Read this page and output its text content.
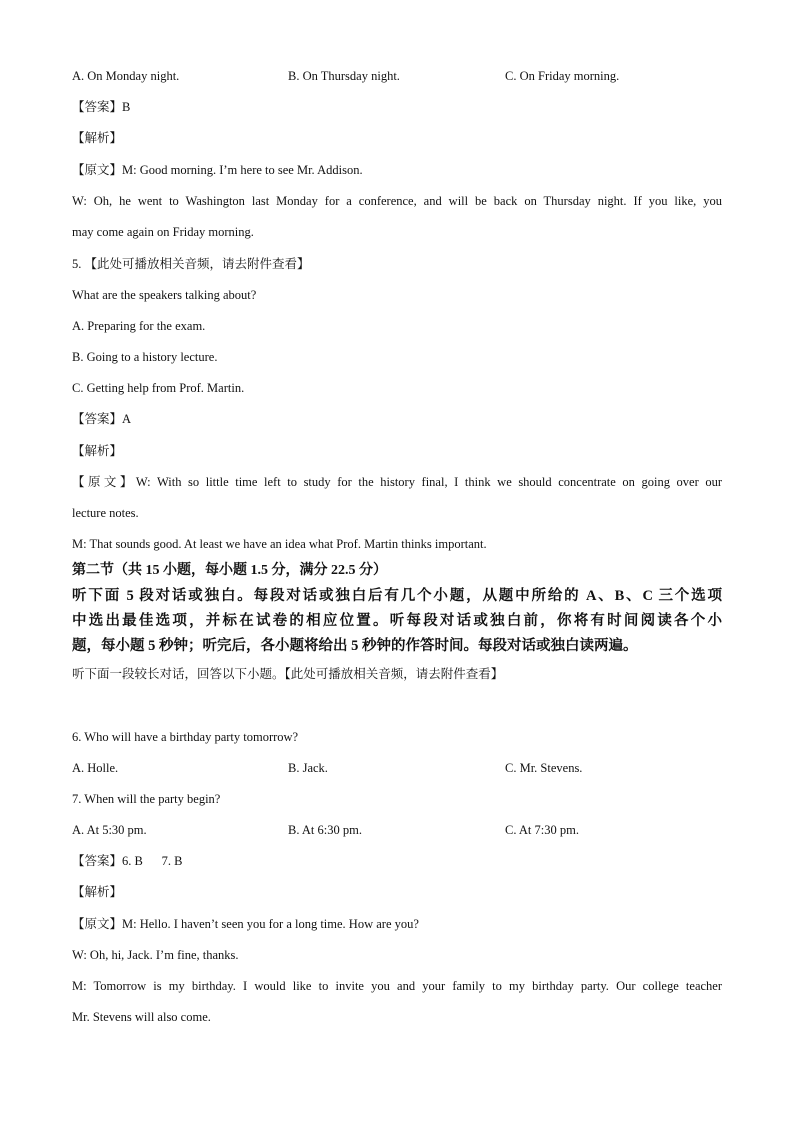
A. On Monday night.	B. On Thursday night.	C. On Friday morning.
【答案】B
【解析】
【原文】M: Good morning. I’m here to see Mr. Addison.
W: Oh, he went to Washington last Monday for a conference, and will be back on Thursday night. If you like, you
may come again on Friday morning.
5. 【此处可播放相关音频，请去附件查看】
What are the speakers talking about?
A. Preparing for the exam.
B. Going to a history lecture.
C. Getting help from Prof. Martin.
【答案】A
【解析】
【原文】W: With so little time left to study for the history final, I think we should concentrate on going over our
lecture notes.
M: That sounds good. At least we have an idea what Prof. Martin thinks important.
第二节（共 15 小题，每小题 1.5 分，满分 22.5 分）
听下面 5 段对话或独白。每段对话或独白后有几个小题，从题中所给的 A、B、C 三个选项
中选出最佳选项，并标在试卷的相应位置。听每段对话或独白前，你将有时间阅读各个小
题，每小题 5 秒钟；听完后，各小题将给出 5 秒钟的作答时间。每段对话或独白读两遍。
听下面一段较长对话，回答以下小题。【此处可播放相关音频，请去附件查看】
6. Who will have a birthday party tomorrow?
A. Holle.	B. Jack.	C. Mr. Stevens.
7. When will the party begin?
A. At 5:30 pm.	B. At 6:30 pm.	C. At 7:30 pm.
【答案】6. B      7. B
【解析】
【原文】M: Hello. I haven’t seen you for a long time. How are you?
W: Oh, hi, Jack. I’m fine, thanks.
M: Tomorrow is my birthday. I would like to invite you and your family to my birthday party. Our college teacher
Mr. Stevens will also come.
